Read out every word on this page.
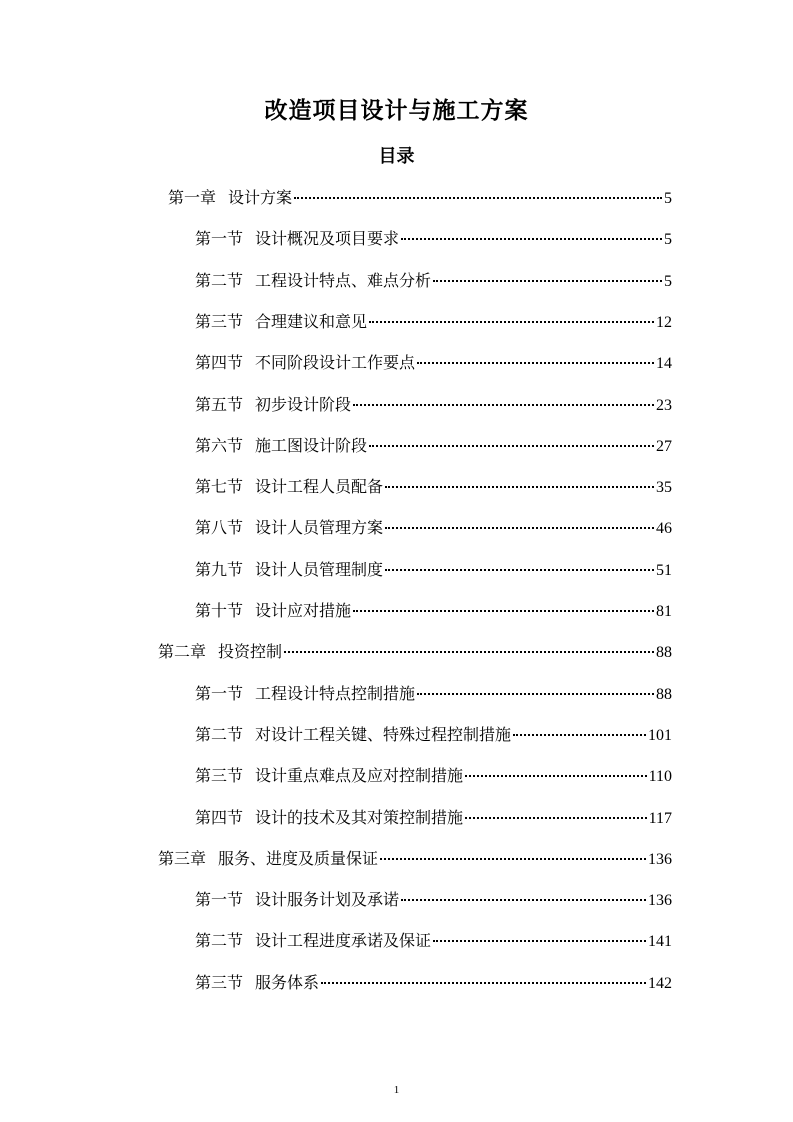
改造项目设计与施工方案
目录
第一章 设计方案	5
第一节 设计概况及项目要求	5
第二节 工程设计特点、难点分析	5
第三节 合理建议和意见	12
第四节 不同阶段设计工作要点	14
第五节 初步设计阶段	23
第六节 施工图设计阶段	27
第七节 设计工程人员配备	35
第八节 设计人员管理方案	46
第九节 设计人员管理制度	51
第十节 设计应对措施	81
第二章 投资控制	88
第一节 工程设计特点控制措施	88
第二节 对设计工程关键、特殊过程控制措施	101
第三节 设计重点难点及应对控制措施	110
第四节 设计的技术及其对策控制措施	117
第三章 服务、进度及质量保证	136
第一节 设计服务计划及承诺	136
第二节 设计工程进度承诺及保证	141
第三节 服务体系	142
1
